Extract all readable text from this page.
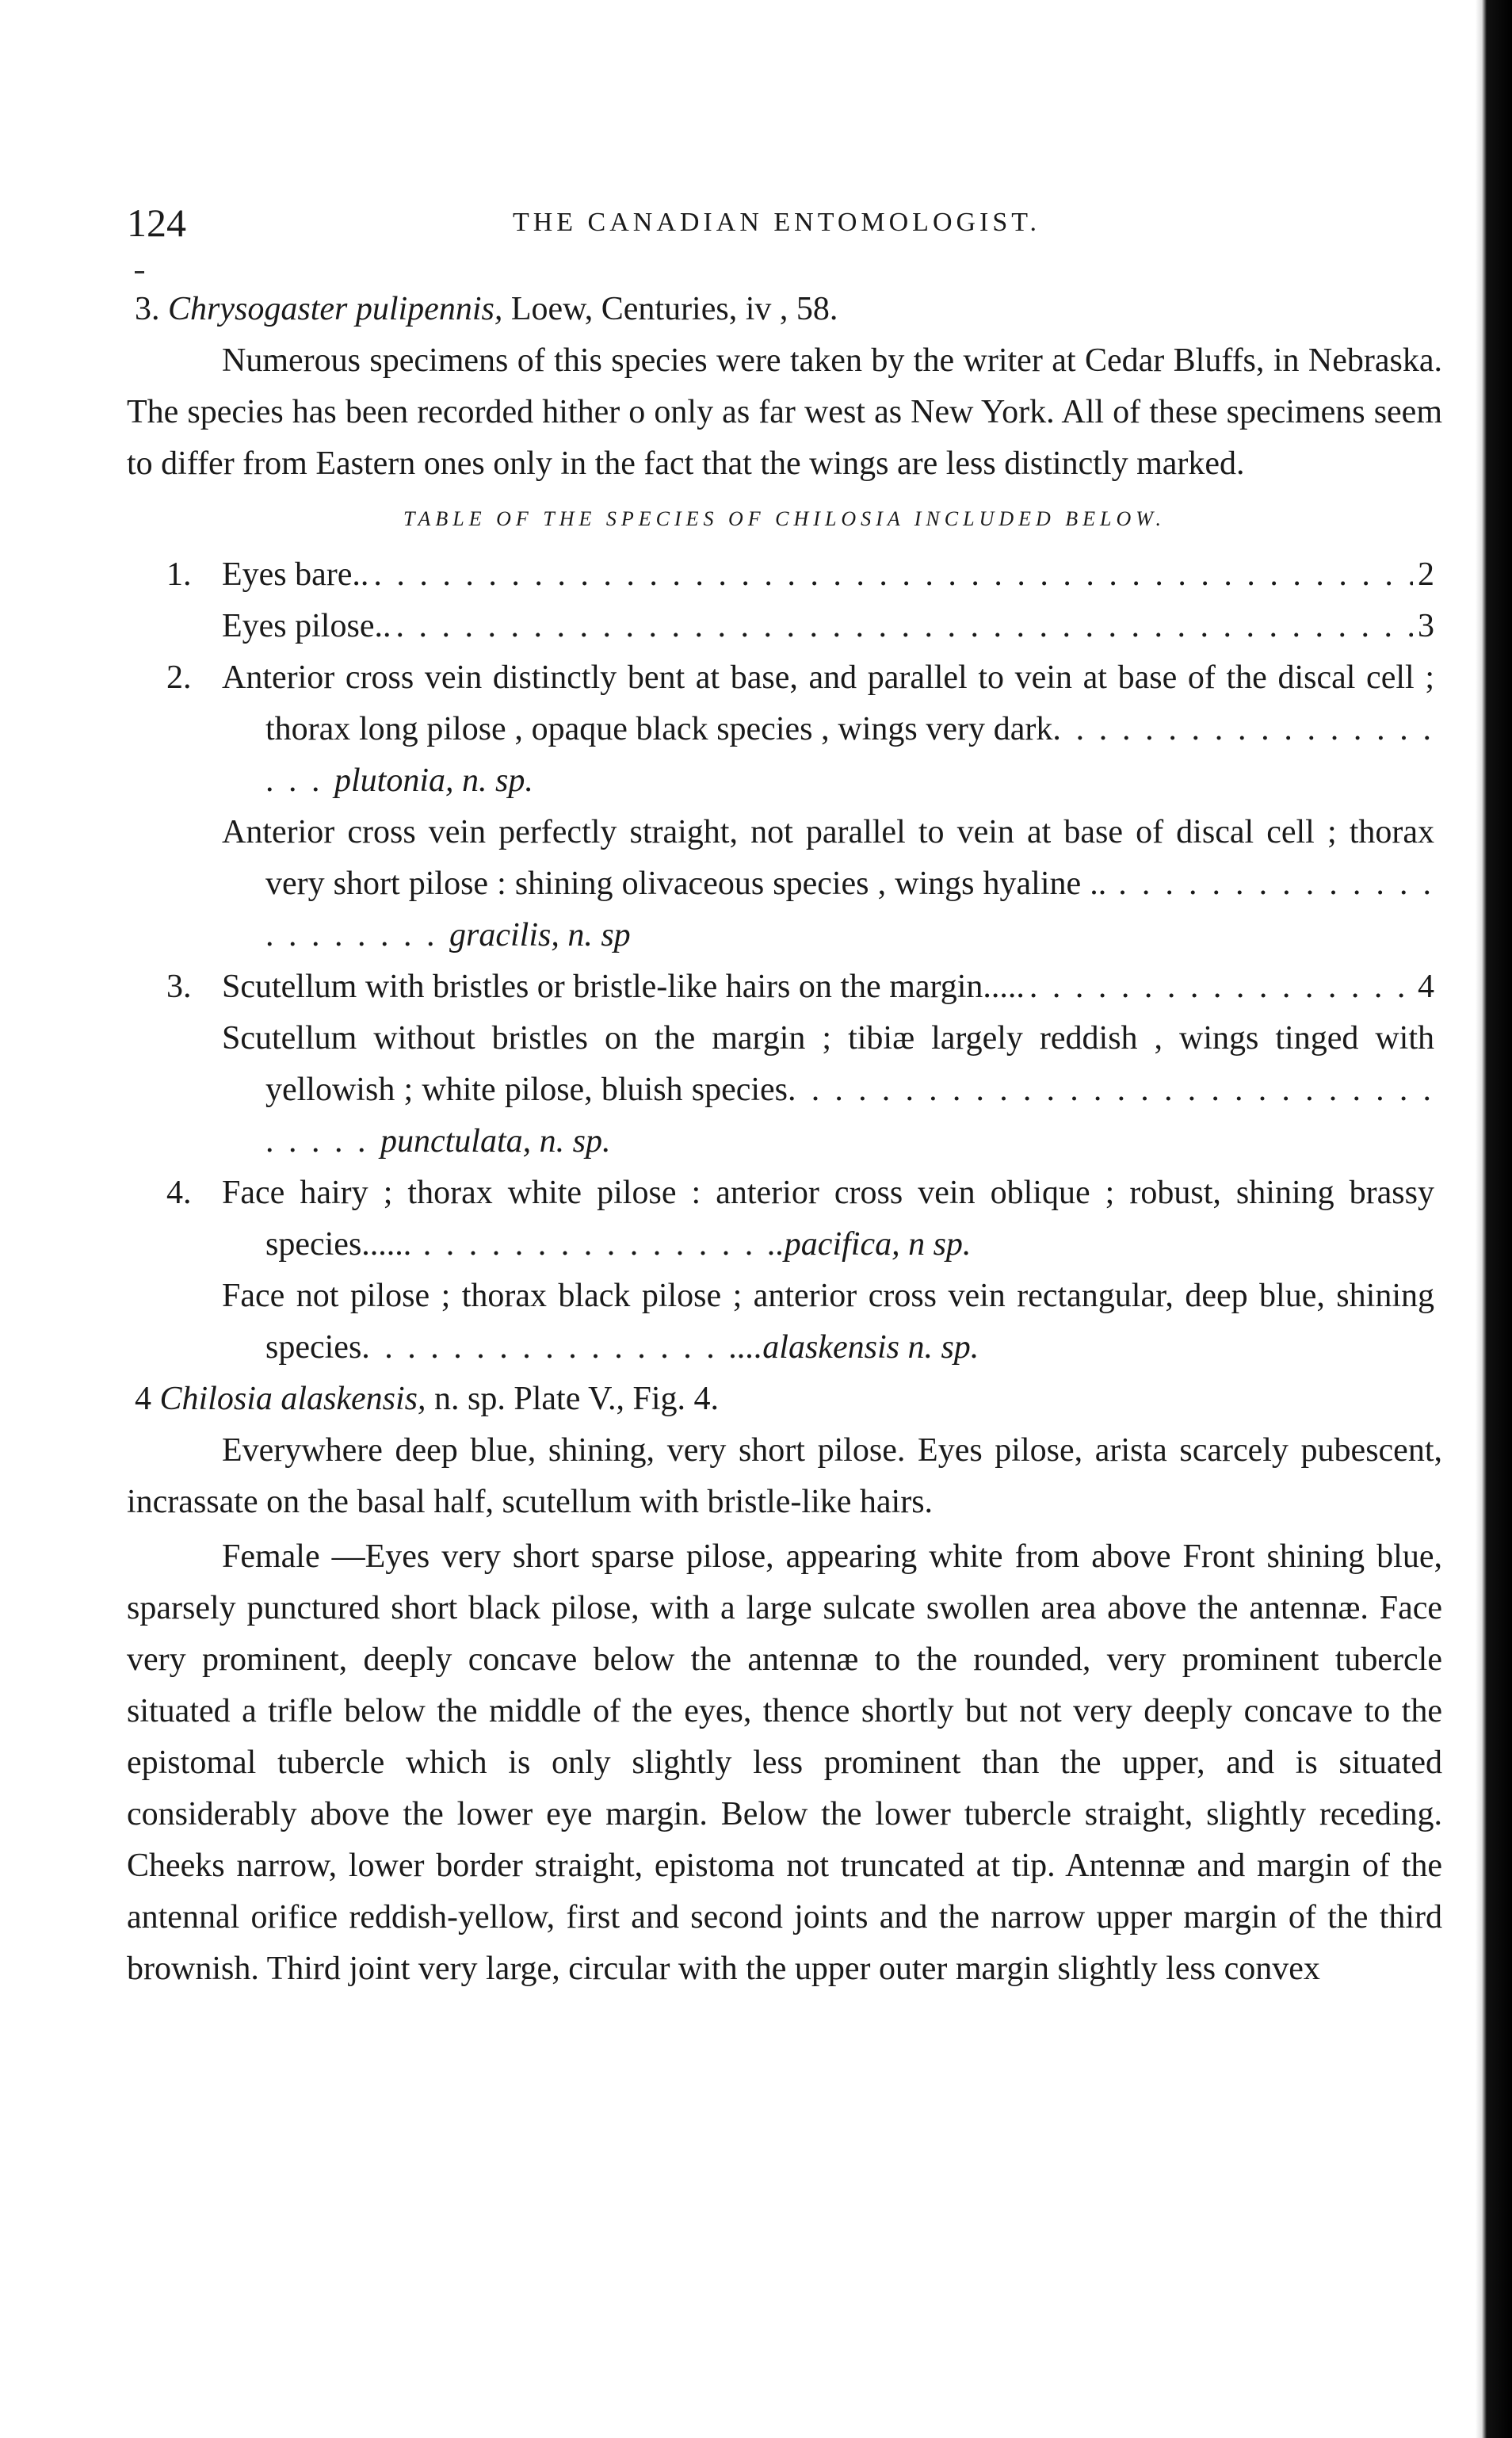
124	THE CANADIAN ENTOMOLOGIST.

3. Chrysogaster pulipennis, Loew, Centuries, iv , 58.

Numerous specimens of this species were taken by the writer at Cedar Bluffs, in Nebraska. The species has been recorded hither o only as far west as New York. All of these specimens seem to differ from Eastern ones only in the fact that the wings are less distinctly marked.

TABLE OF THE SPECIES OF CHILOSIA INCLUDED BELOW.
1. Eyes bare.. . . .	2
Eyes pilose.. . . .	3
2. Anterior cross vein distinctly bent at base, and parallel to vein at base of the discal cell ; thorax long pilose , opaque black species , wings very dark. . . . . . . . . . . . . . . . . . . . plutonia, n. sp.
Anterior cross vein perfectly straight, not parallel to vein at base of discal cell ; thorax very short pilose : shining olivaceous species , wings hyaline .. . . . . . . . . . . . . . . . . . . . . . . gracilis, n. sp
3. Scutellum with bristles or bristle-like hairs on the margin..... . . .	4
Scutellum without bristles on the margin ; tibiæ largely reddish , wings tinged with yellowish ; white pilose, bluish species. . . . . . . . . . . . . . . . . . . . . . . . . . . . . . . . . punctulata, n. sp.
4. Face hairy ; thorax white pilose : anterior cross vein oblique ; robust, shining brassy species...... . . . . . . . . . . . . . . . ..pacifica, n sp.
Face not pilose ; thorax black pilose ; anterior cross vein rectangular, deep blue, shining species. . . . . . . . . . . . . . . . ....alaskensis n. sp.

4 Chilosia alaskensis, n. sp. Plate V., Fig. 4.

Everywhere deep blue, shining, very short pilose. Eyes pilose, arista scarcely pubescent, incrassate on the basal half, scutellum with bristle-like hairs.

Female —Eyes very short sparse pilose, appearing white from above Front shining blue, sparsely punctured short black pilose, with a large sulcate swollen area above the antennæ. Face very prominent, deeply concave below the antennæ to the rounded, very prominent tubercle situated a trifle below the middle of the eyes, thence shortly but not very deeply concave to the epistomal tubercle which is only slightly less prominent than the upper, and is situated considerably above the lower eye margin. Below the lower tubercle straight, slightly receding. Cheeks narrow, lower border straight, epistoma not truncated at tip. Antennæ and margin of the antennal orifice reddish-yellow, first and second joints and the narrow upper margin of the third brownish. Third joint very large, circular with the upper outer margin slightly less convex
